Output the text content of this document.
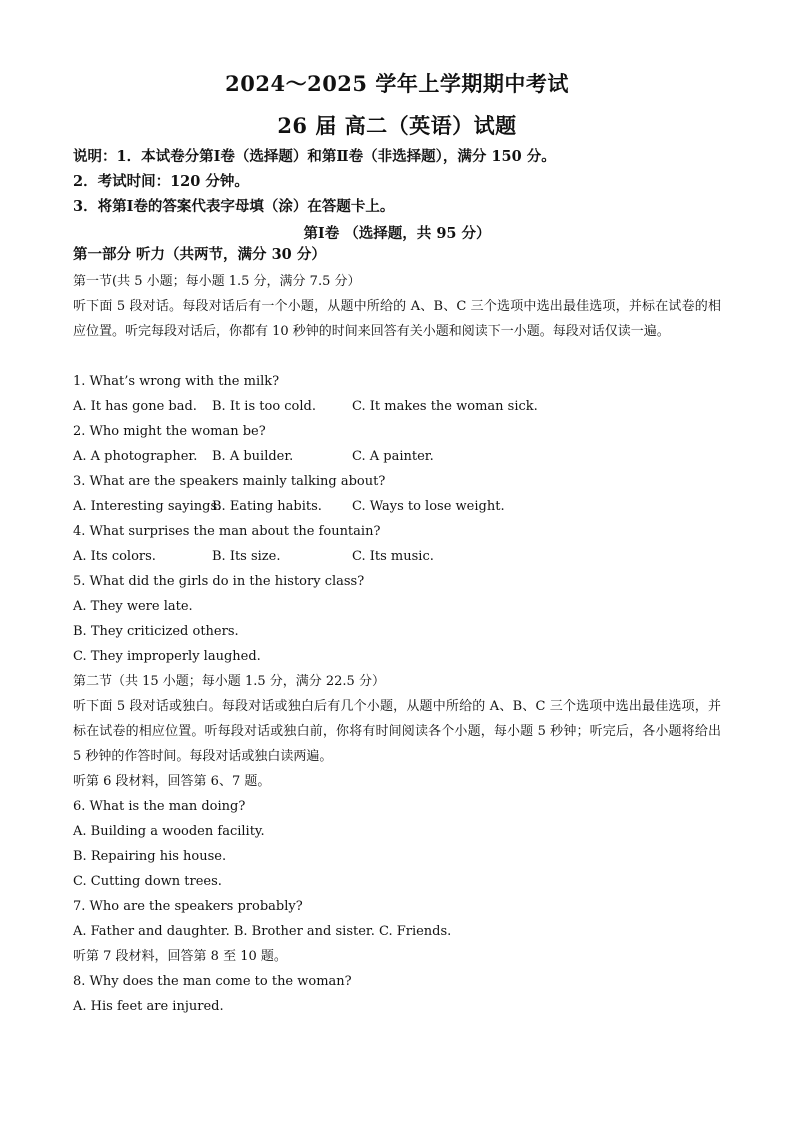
2024～2025 学年上学期期中考试
26 届 高二（英语）试题
说明：1．本试卷分第Ⅰ卷（选择题）和第Ⅱ卷（非选择题），满分 150 分。
2．考试时间：120 分钟。
3．将第Ⅰ卷的答案代表字母填（涂）在答题卡上。
第Ⅰ卷 （选择题，共 95 分）
第一部分 听力（共两节，满分 30 分）
第一节(共 5 小题；每小题 1.5 分，满分 7.5 分）
听下面 5 段对话。每段对话后有一个小题，从题中所给的 A、B、C 三个选项中选出最佳选项，并标在试卷的相应位置。听完每段对话后，你都有 10 秒钟的时间来回答有关小题和阅读下一小题。每段对话仅读一遍。
1. What’s wrong with the milk?
A. It has gone bad. B. It is too cold.	C. It makes the woman sick.
2. Who might the woman be?
A. A photographer. B. A builder.	C. A painter.
3. What are the speakers mainly talking about?
A. Interesting sayings.
B. Eating habits. C. Ways to lose weight.
4. What surprises the man about the fountain?
A. Its colors.	B. Its size.	C. Its music.
5. What did the girls do in the history class?
A. They were late.
B. They criticized others.
C. They improperly laughed.
第二节（共 15 小题；每小题 1.5 分，满分 22.5 分）
听下面 5 段对话或独白。每段对话或独白后有几个小题，从题中所给的 A、B、C 三个选项中选出最佳选项，并标在试卷的相应位置。听每段对话或独白前，你将有时间阅读各个小题，每小题 5 秒钟；听完后，各小题将给出 5 秒钟的作答时间。每段对话或独白读两遍。
听第 6 段材料，回答第 6、7 题。
6. What is the man doing?
A. Building a wooden facility.
B. Repairing his house.
C. Cutting down trees.
7. Who are the speakers probably?
A. Father and daughter. B. Brother and sister. C. Friends.
听第 7 段材料，回答第 8 至 10 题。
8. Why does the man come to the woman?
A. His feet are injured.
